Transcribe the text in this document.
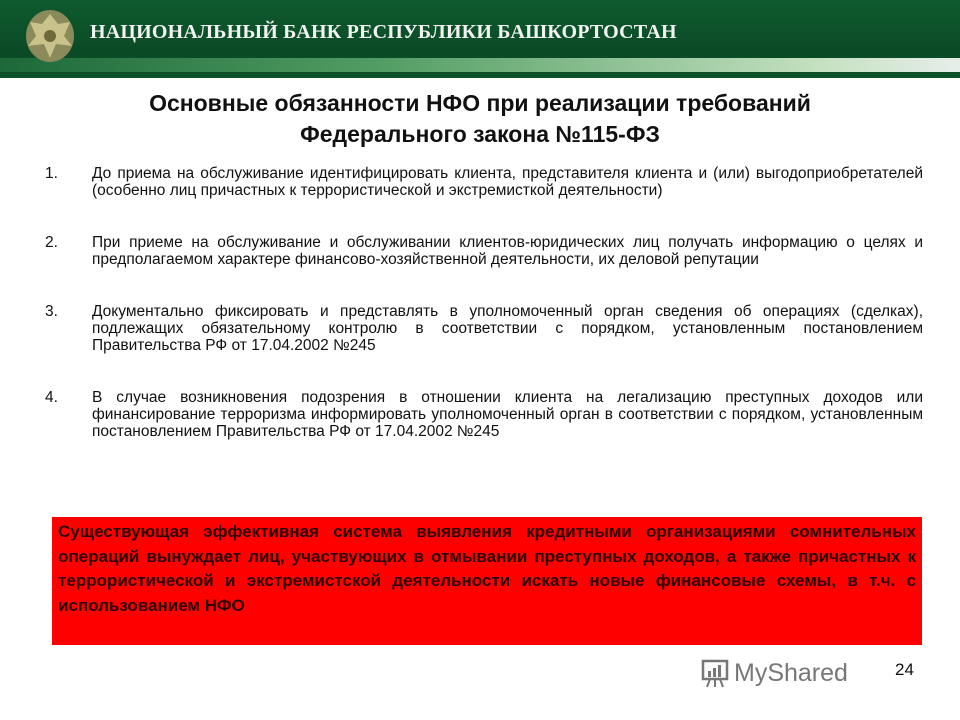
НАЦИОНАЛЬНЫЙ БАНК РЕСПУБЛИКИ БАШКОРТОСТАН
Основные обязанности НФО при реализации требований
Федерального закона №115-ФЗ
1.	До приема на обслуживание идентифицировать клиента, представителя клиента и (или) выгодоприобретателей (особенно лиц причастных к террористической и экстремисткой деятельности)
2.	При приеме на обслуживание и обслуживании клиентов-юридических лиц получать информацию о целях и предполагаемом характере финансово-хозяйственной деятельности, их деловой репутации
3.	Документально фиксировать и представлять в уполномоченный орган сведения об операциях (сделках), подлежащих обязательному контролю в соответствии с порядком, установленным постановлением Правительства РФ от 17.04.2002 №245
4.	В случае возникновения подозрения в отношении клиента на легализацию преступных доходов или финансирование терроризма информировать уполномоченный орган в соответствии с порядком, установленным постановлением Правительства РФ от 17.04.2002 №245
Существующая эффективная система выявления кредитными организациями сомнительных операций вынуждает лиц, участвующих в отмывании преступных доходов, а также причастных к террористической и экстремистской деятельности искать новые финансовые схемы, в т.ч. с использованием НФО
MyShared	24
